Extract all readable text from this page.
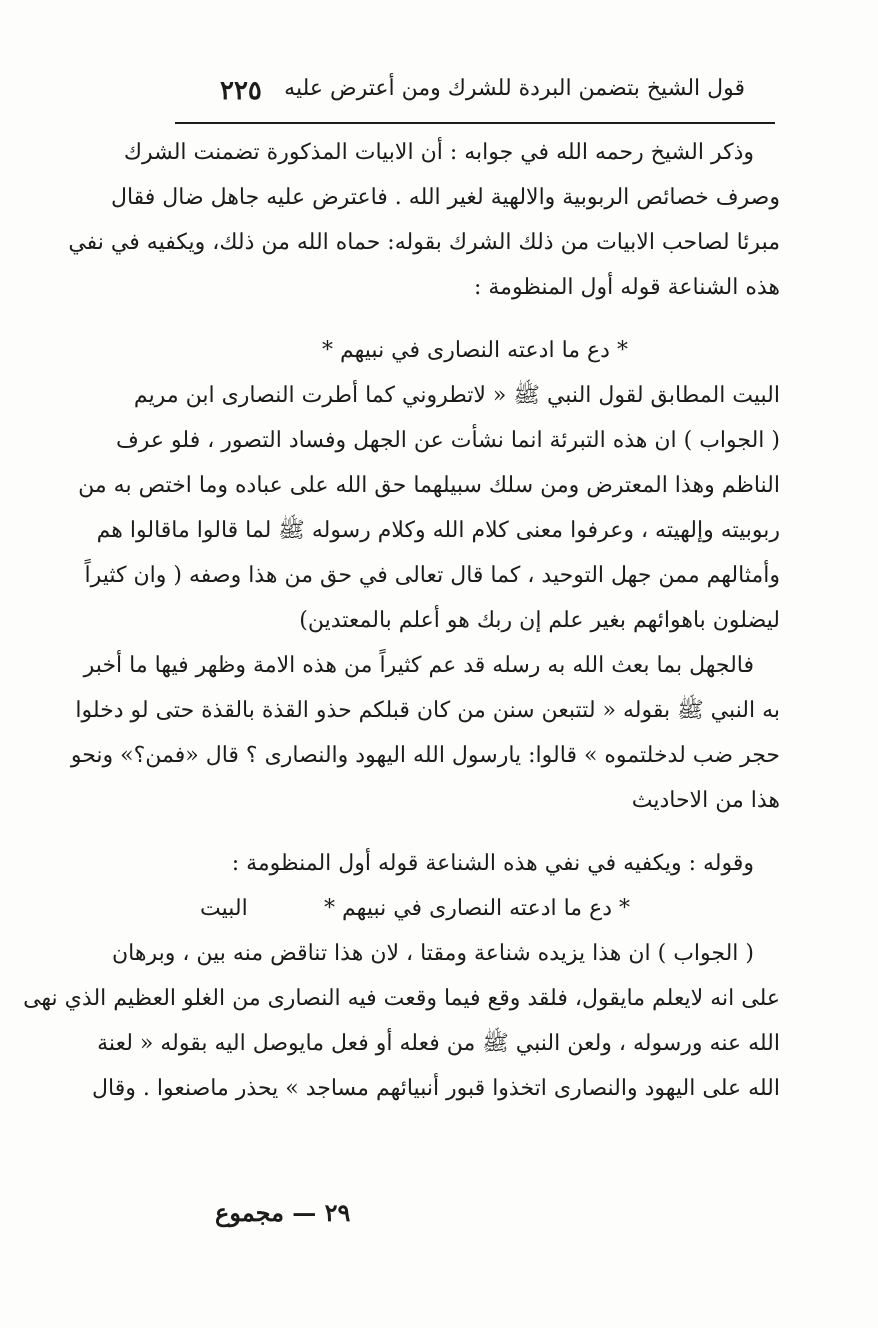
قول الشيخ بتضمن البردة للشرك ومن أعترض عليه
٢٢٥
وذكر الشيخ رحمه الله في جوابه : أن الابيات المذكورة تضمنت الشرك
وصرف خصائص الربوبية والالهية لغير الله . فاعترض عليه جاهل ضال فقال
مبرئا لصاحب الابيات من ذلك الشرك بقوله: حماه الله من ذلك، ويكفيه في نفي
هذه الشناعة قوله أول المنظومة :
* دع ما ادعته النصارى في نبيهم *
البيت المطابق لقول النبي ﷺ « لاتطروني كما أطرت النصارى ابن مريم
( الجواب ) ان هذه التبرئة انما نشأت عن الجهل وفساد التصور ، فلو عرف
الناظم وهذا المعترض ومن سلك سبيلهما حق الله على عباده وما اختص به من
ربوبيته وإلهيته ، وعرفوا معنى كلام الله وكلام رسوله ﷺ لما قالوا ماقالوا هم
وأمثالهم ممن جهل التوحيد ، كما قال تعالى في حق من هذا وصفه ( وان كثيراً
ليضلون باهوائهم بغير علم إن ربك هو أعلم بالمعتدين)
فالجهل بما بعث الله به رسله قد عم كثيراً من هذه الامة وظهر فيها ما أخبر
به النبي ﷺ بقوله « لتتبعن سنن من كان قبلكم حذو القذة بالقذة حتى لو دخلوا
حجر ضب لدخلتموه » قالوا: يارسول الله اليهود والنصارى ؟ قال «فمن؟» ونحو
هذا من الاحاديث
وقوله : ويكفيه في نفي هذه الشناعة قوله أول المنظومة :
* دع ما ادعته النصارى في نبيهم *
البيت
( الجواب ) ان هذا يزيده شناعة ومقتا ، لان هذا تناقض منه بين ، وبرهان
على انه لايعلم مايقول، فلقد وقع فيما وقعت فيه النصارى من الغلو العظيم الذي نهى
الله عنه ورسوله ، ولعن النبي ﷺ من فعله أو فعل مايوصل اليه بقوله « لعنة
الله على اليهود والنصارى اتخذوا قبور أنبيائهم مساجد » يحذر ماصنعوا . وقال
٢٩ — مجموع
